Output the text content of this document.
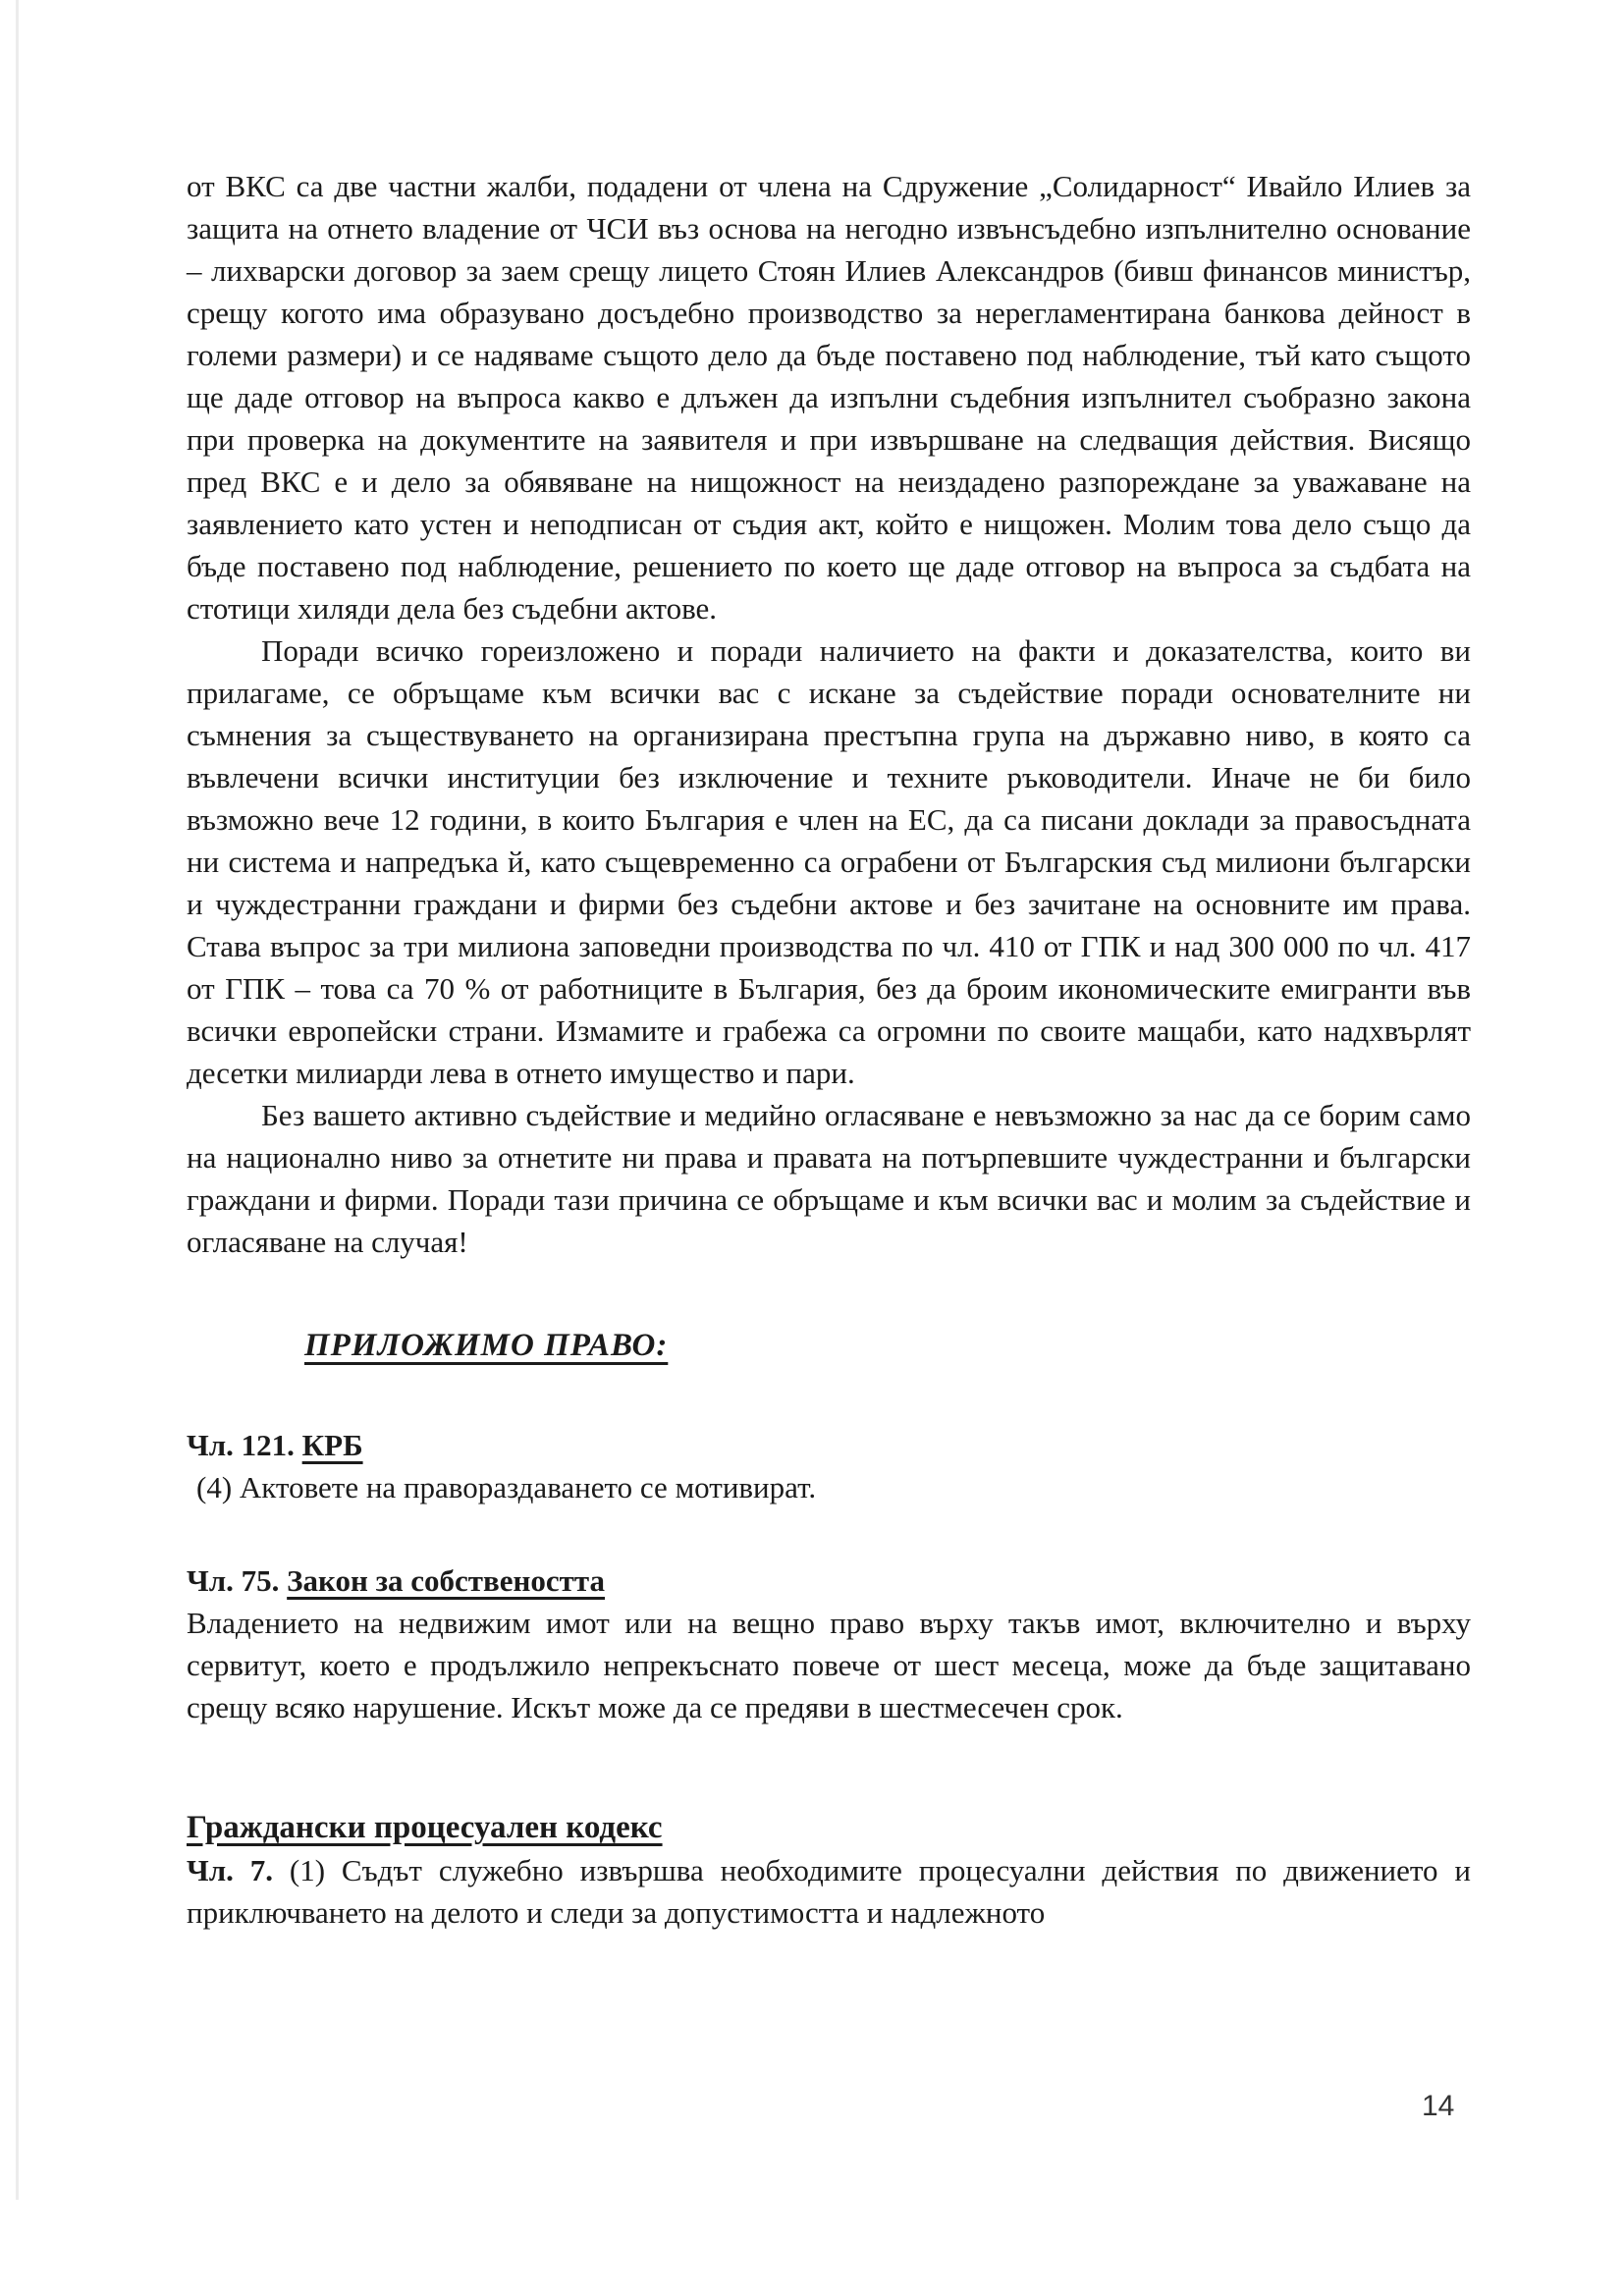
от ВКС са две частни жалби, подадени от члена на Сдружение „Солидарност“ Ивайло Илиев за защита на отнето владение от ЧСИ въз основа на негодно извънсъдебно изпълнително основание – лихварски договор за заем срещу лицето Стоян Илиев Александров (бивш финансов министър, срещу когото има образувано досъдебно производство за нерегламентирана банкова дейност в големи размери) и се надяваме същото дело да бъде поставено под наблюдение, тъй като същото ще даде отговор на въпроса какво е длъжен да изпълни съдебния изпълнител съобразно закона при проверка на документите на заявителя и при извършване на следващия действия. Висящо пред ВКС е и дело за обявяване на нищожност на неиздадено разпореждане за уважаване на заявлението като устен и неподписан от съдия акт, който е нищожен. Молим това дело също да бъде поставено под наблюдение, решението по което ще даде отговор на въпроса за съдбата на стотици хиляди дела без съдебни актове.

Поради всичко гореизложено и поради наличието на факти и доказателства, които ви прилагаме, се обръщаме към всички вас с искане за съдействие поради основателните ни съмнения за съществуването на организирана престъпна група на държавно ниво, в която са въвлечени всички институции без изключение и техните ръководители. Иначе не би било възможно вече 12 години, в които България е член на ЕС, да са писани доклади за правосъдната ни система и напредъка й, като същевременно са ограбени от Българския съд милиони български и чуждестранни граждани и фирми без съдебни актове и без зачитане на основните им права. Става въпрос за три милиона заповедни производства по чл. 410 от ГПК и над 300 000 по чл. 417 от ГПК – това са 70 % от работниците в България, без да броим икономическите емигранти във всички европейски страни. Измамите и грабежа са огромни по своите мащаби, като надхвърлят десетки милиарди лева в отнето имущество и пари.

Без вашето активно съдействие и медийно огласяване е невъзможно за нас да се борим само на национално ниво за отнетите ни права и правата на потърпевшите чуждестранни и български граждани и фирми. Поради тази причина се обръщаме и към всички вас и молим за съдействие и огласяване на случая!

ПРИЛОЖИМО ПРАВО:
Чл. 121. КРБ

(4) Актовете на правораздаването се мотивират.

Чл. 75. Закон за собствеността

Владението на недвижим имот или на вещно право върху такъв имот, включително и върху сервитут, което е продължило непрекъснато повече от шест месеца, може да бъде защитавано срещу всяко нарушение. Искът може да се предяви в шестмесечен срок.

Граждански процесуален кодекс

Чл. 7. (1) Съдът служебно извършва необходимите процесуални действия по движението и приключването на делото и следи за допустимостта и надлежното

14
